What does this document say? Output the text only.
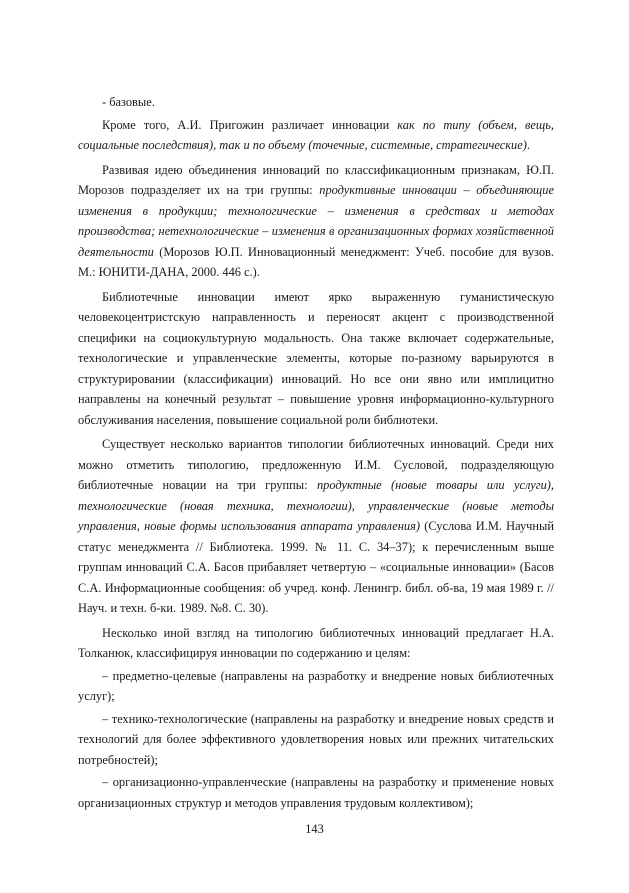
- базовые.

Кроме того, А.И. Пригожин различает инновации как по типу (объем, вещь, социальные последствия), так и по объему (точечные, системные, стратегические).

Развивая идею объединения инноваций по классификационным признакам, Ю.П. Морозов подразделяет их на три группы: продуктивные инновации – объединяющие изменения в продукции; технологические – изменения в средствах и методах производства; нетехнологические – изменения в организационных формах хозяйственной деятельности (Морозов Ю.П. Инновационный менеджмент: Учеб. пособие для вузов. М.: ЮНИТИ-ДАНА, 2000. 446 с.).

Библиотечные инновации имеют ярко выраженную гуманистическую человекоцентристскую направленность и переносят акцент с производственной специфики на социокультурную модальность. Она также включает содержательные, технологические и управленческие элементы, которые по-разному варьируются в структурировании (классификации) инноваций. Но все они явно или имплицитно направлены на конечный результат – повышение уровня информационно-культурного обслуживания населения, повышение социальной роли библиотеки.

Существует несколько вариантов типологии библиотечных инноваций. Среди них можно отметить типологию, предложенную И.М. Сусловой, подразделяющую библиотечные новации на три группы: продуктные (новые товары или услуги), технологические (новая техника, технологии), управленческие (новые методы управления, новые формы использования аппарата управления) (Суслова И.М. Научный статус менеджмента // Библиотека. 1999. № 11. С. 34–37); к перечисленным выше группам инноваций С.А. Басов прибавляет четвертую – «социальные инновации» (Басов С.А. Информационные сообщения: об учред. конф. Ленингр. библ. об-ва, 19 мая 1989 г. // Науч. и техн. б-ки. 1989. №8. С. 30).

Несколько иной взгляд на типологию библиотечных инноваций предлагает Н.А. Толканюк, классифицируя инновации по содержанию и целям:

– предметно-целевые (направлены на разработку и внедрение новых библиотечных услуг);

– технико-технологические (направлены на разработку и внедрение новых средств и технологий для более эффективного удовлетворения новых или прежних читательских потребностей);

– организационно-управленческие (направлены на разработку и применение новых организационных структур и методов управления трудовым коллективом);

143
